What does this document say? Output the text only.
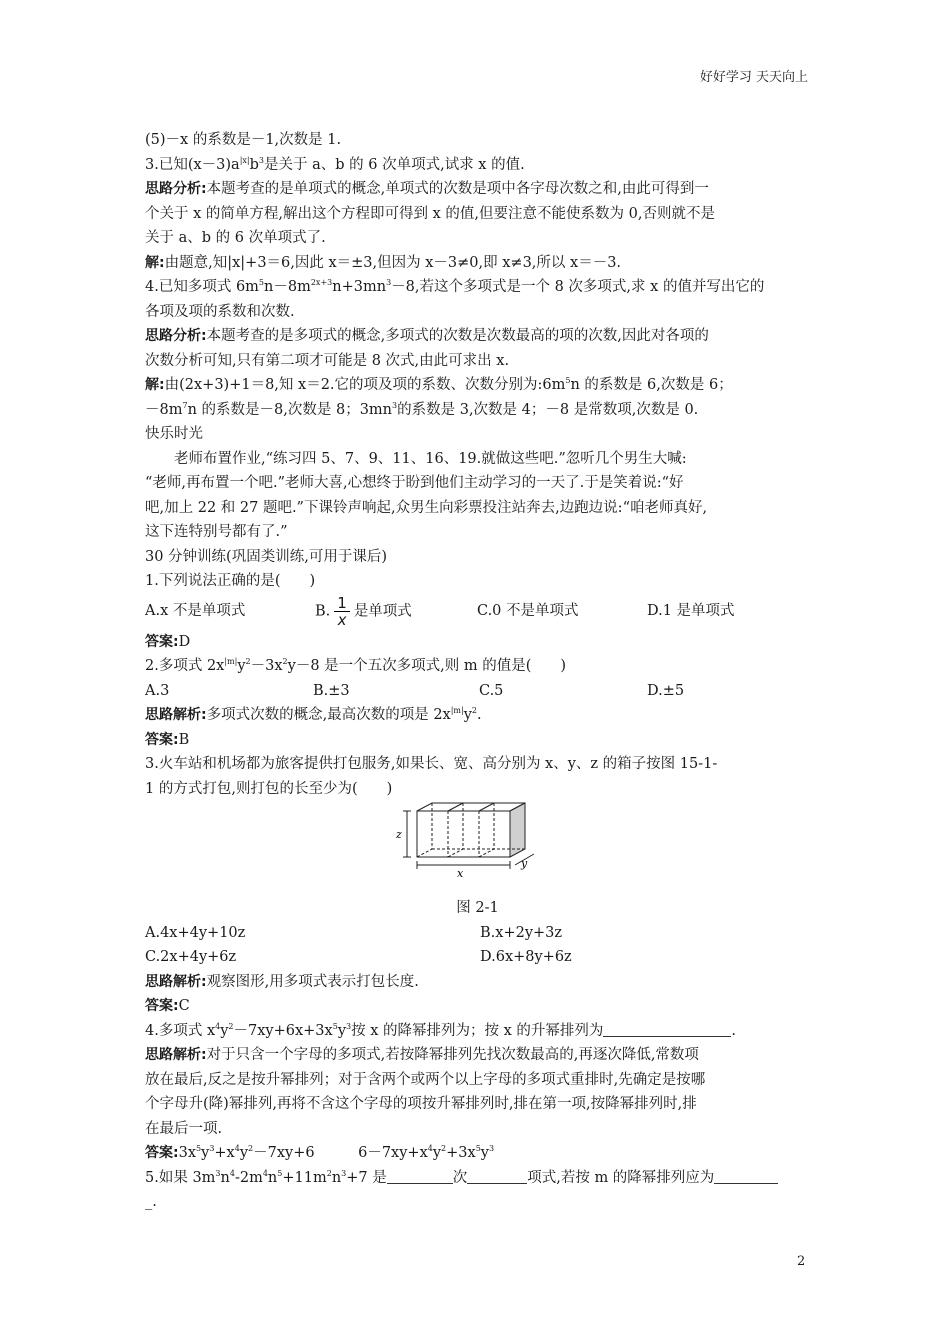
好好学习 天天向上
(5)－x 的系数是－1,次数是 1.
3.已知$(x-3)a^{|x|}b^3$是关于 a、b 的 6 次单项式,试求 x 的值.
思路分析:本题考查的是单项式的概念,单项式的次数是项中各字母次数之和,由此可得到一
个关于 x 的简单方程,解出这个方程即可得到 x 的值,但要注意不能使系数为 0,否则就不是
关于 a、b 的 6 次单项式了.
解:由题意,知|x|+3＝6,因此 x＝±3,但因为 x－3≠0,即 x≠3,所以 x＝－3.
4.已知多项式 $6m^5n-8m^{2x+3}n+3mn^3-8$,若这个多项式是一个 8 次多项式,求 x 的值并写出它的
各项及项的系数和次数.
思路分析:本题考查的是多项式的概念,多项式的次数是次数最高的项的次数,因此对各项的
次数分析可知,只有第二项才可能是 8 次式,由此可求出 x.
解:由(2x+3)+1＝8,知 x＝2.它的项及项的系数、次数分别为$:6m^5n$ 的系数是 6,次数是 6；
$-8m^7n$ 的系数是－8,次数是 8；$3mn^3$的系数是 3,次数是 4；－8 是常数项,次数是 0.
快乐时光
老师布置作业,“练习四 5、7、9、11、16、19.就做这些吧.”忽听几个男生大喊:
“老师,再布置一个吧.”老师大喜,心想终于盼到他们主动学习的一天了.于是笑着说:“好
吧,加上 22 和 27 题吧.”下课铃声响起,众男生向彩票投注站奔去,边跑边说:“咱老师真好,
这下连特别号都有了.”
30 分钟训练(巩固类训练,可用于课后)
1.下列说法正确的是(　　)
A.x 不是单项式	B. $\frac{1}{x}$ 是单项式	C.0 不是单项式	D.1 是单项式
答案:D
2.多项式 $2x^{|m|}y^2-3x^2y-8$ 是一个五次多项式,则 m 的值是(　　)
A.3	B.±3	C.5	D.±5
思路解析:多项式次数的概念,最高次数的项是 $2x^{|m|}y^2$.
答案:B
3.火车站和机场都为旅客提供打包服务,如果长、宽、高分别为 x、y、z 的箱子按图 15-1-
1 的方式打包,则打包的长至少为(　　)
z
x
y
图 2-1
A.4x+4y+10z	B.x+2y+3z
C.2x+4y+6z	D.6x+8y+6z
思路解析:观察图形,用多项式表示打包长度.
答案:C
4.多项式 $x^4y^2-7xy+6x+3x^5y^3$按 x 的降幂排列为；按 x 的升幂排列为	.
思路解析:对于只含一个字母的多项式,若按降幂排列先找次数最高的,再逐次降低,常数项
放在最后,反之是按升幂排列；对于含两个或两个以上字母的多项式重排时,先确定是按哪
个字母升(降)幂排列,再将不含这个字母的项按升幂排列时,排在第一项,按降幂排列时,排
在最后一项.
答案$:3x^5y^3+x^4y^2-7xy+6$　　　$6-7xy+x^4y^2+3x^5y^3$
5.如果 $3m^3n^4-2m^4n^5+11m^2n^3+7$ 是	次	项式,若按 m 的降幂排列应为
_.
2
